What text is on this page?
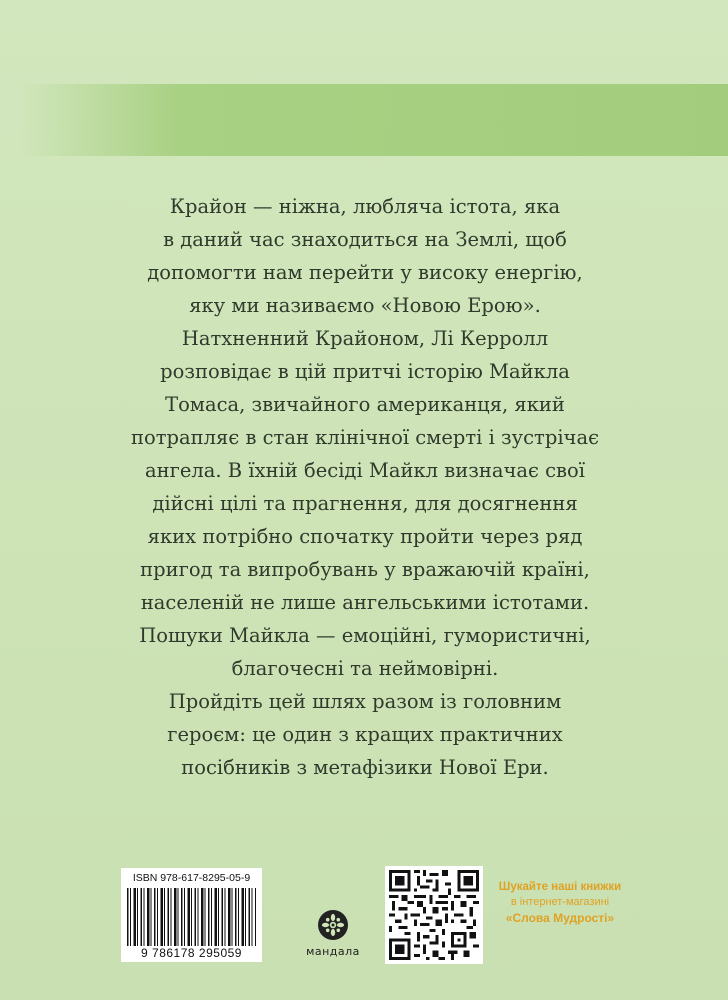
Крайон — ніжна, любляча істота, яка

в даний час знаходиться на Землі, щоб

допомогти нам перейти у високу енергію,

яку ми називаємо «Новою Ерою».

Натхненний Крайоном, Лі Керролл

розповідає в цій притчі історію Майкла

Томаса, звичайного американця, який

потрапляє в стан клінічної смерті і зустрічає

ангела. В їхній бесіді Майкл визначає свої

дійсні цілі та прагнення, для досягнення

яких потрібно спочатку пройти через ряд

пригод та випробувань у вражаючій країні,

населеній не лише ангельськими істотами.

Пошуки Майкла — емоційні, гумористичні,

благочесні та неймовірні.

Пройдіть цей шлях разом із головним

героєм: це один з кращих практичних

посібників з метафізики Нової Ери.

ISBN 978-617-8295-05-9
9 786178 295059	мандала
Шукайте наші книжки
в інтернет-магазині
«Слова Мудрості»
